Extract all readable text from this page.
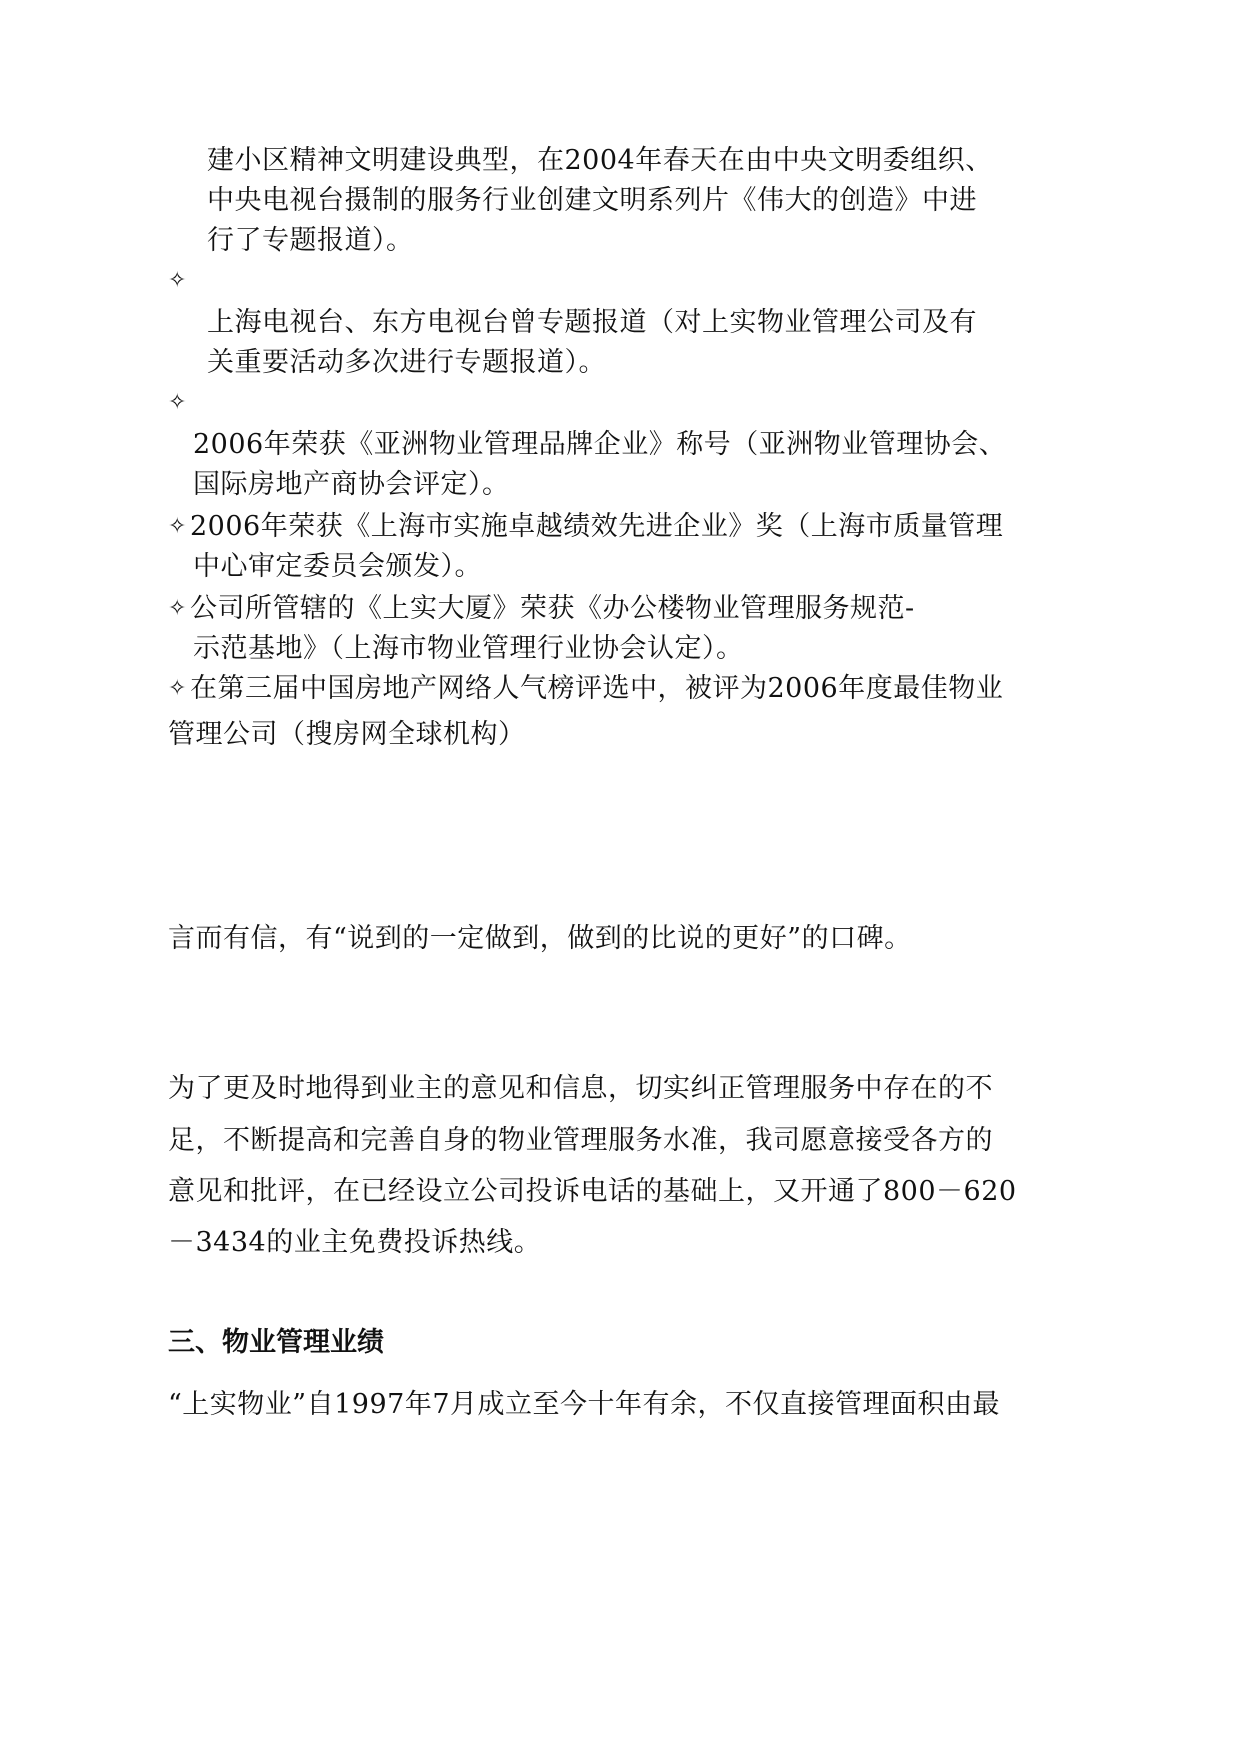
建小区精神文明建设典型，在2004年春天在由中央文明委组织、
中央电视台摄制的服务行业创建文明系列片《伟大的创造》中进
行了专题报道）。
✧
上海电视台、东方电视台曾专题报道（对上实物业管理公司及有
关重要活动多次进行专题报道）。
✧
2006年荣获《亚洲物业管理品牌企业》称号（亚洲物业管理协会、
国际房地产商协会评定）。
✧ 2006年荣获《上海市实施卓越绩效先进企业》奖（上海市质量管理
中心审定委员会颁发）。
✧ 公司所管辖的《上实大厦》荣获《办公楼物业管理服务规范-
示范基地》（上海市物业管理行业协会认定）。
✧ 在第三届中国房地产网络人气榜评选中，被评为2006年度最佳物业
管理公司（搜房网全球机构）
言而有信，有“说到的一定做到，做到的比说的更好”的口碑。
为了更及时地得到业主的意见和信息，切实纠正管理服务中存在的不
足，不断提高和完善自身的物业管理服务水准，我司愿意接受各方的
意见和批评，在已经设立公司投诉电话的基础上，又开通了800－620
－3434的业主免费投诉热线。
三、物业管理业绩
“上实物业”自1997年7月成立至今十年有余，不仅直接管理面积由最
